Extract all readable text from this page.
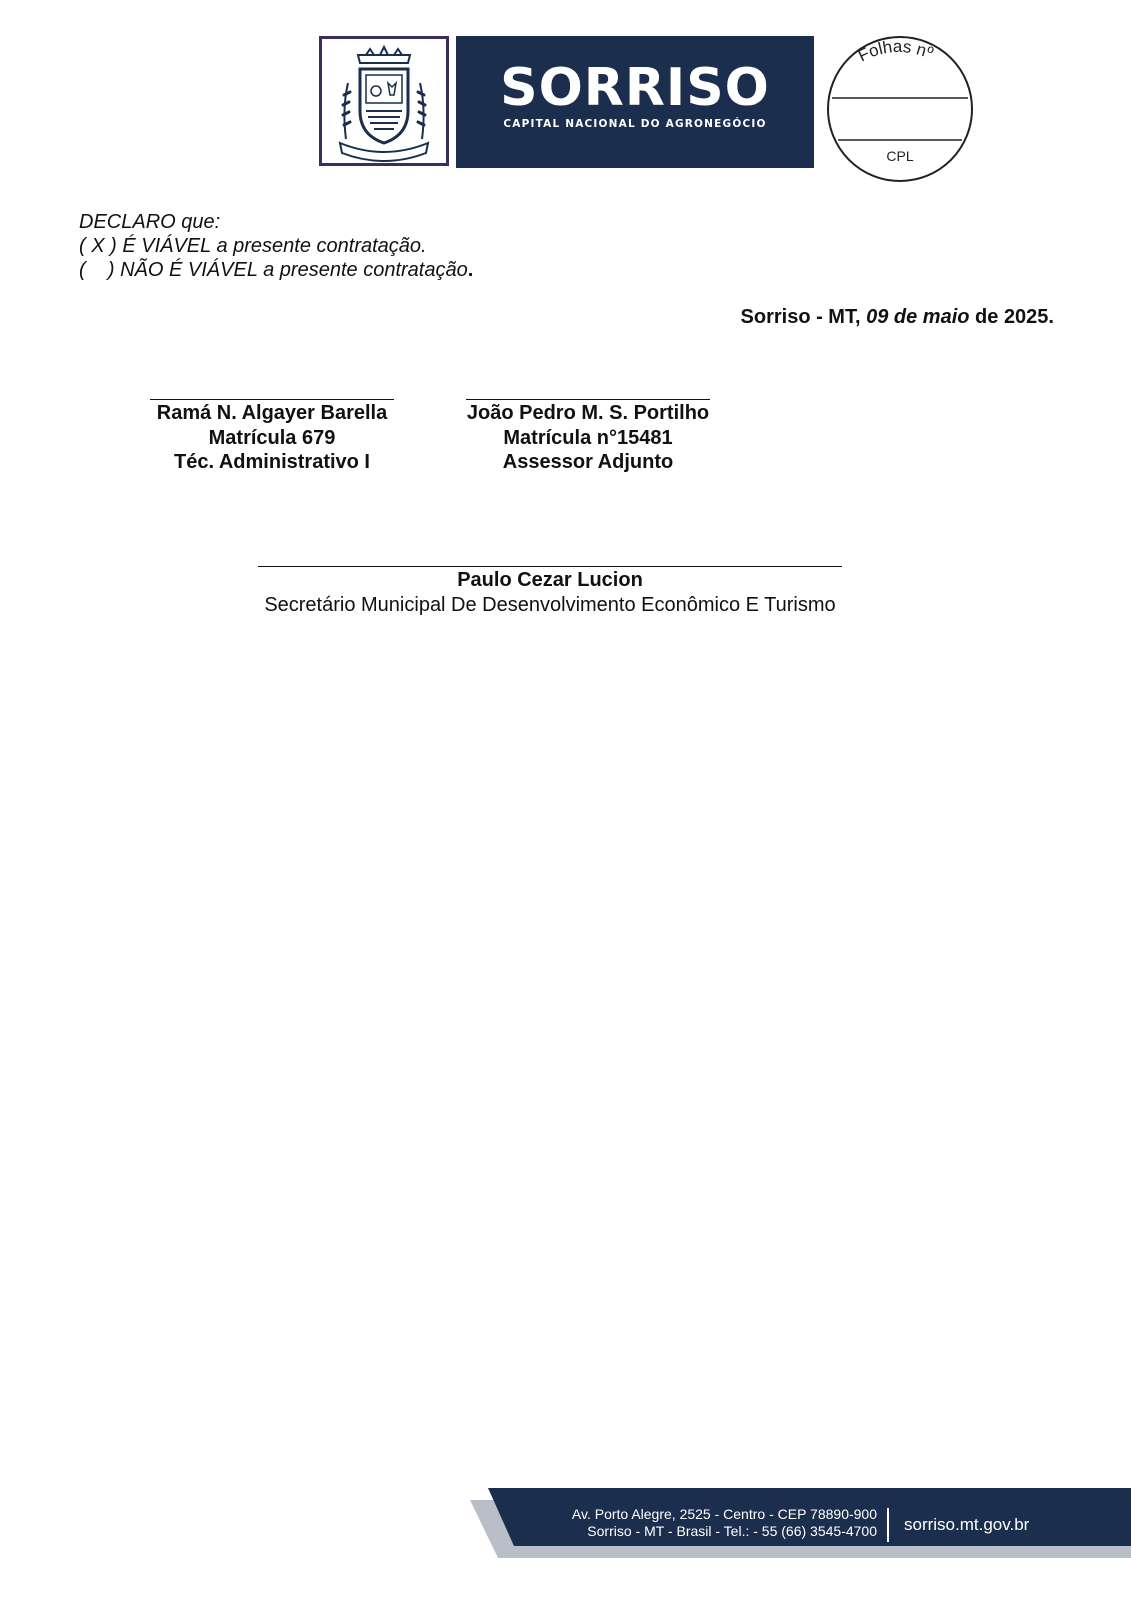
SORRISO
CAPITAL NACIONAL DO AGRONEGÓCIO
Folhas nº
CPL
DECLARO que:
( X ) É VIÁVEL a presente contratação.
(    ) NÃO É VIÁVEL a presente contratação.
Sorriso - MT, 09 de maio de 2025.
Ramá N. Algayer Barella
Matrícula 679
Téc. Administrativo I
João Pedro M. S. Portilho
Matrícula n°15481
Assessor Adjunto
Paulo Cezar Lucion
Secretário Municipal De Desenvolvimento Econômico E Turismo
Av. Porto Alegre, 2525 - Centro - CEP 78890-900
Sorriso - MT - Brasil - Tel.: - 55 (66) 3545-4700 sorriso.mt.gov.br
